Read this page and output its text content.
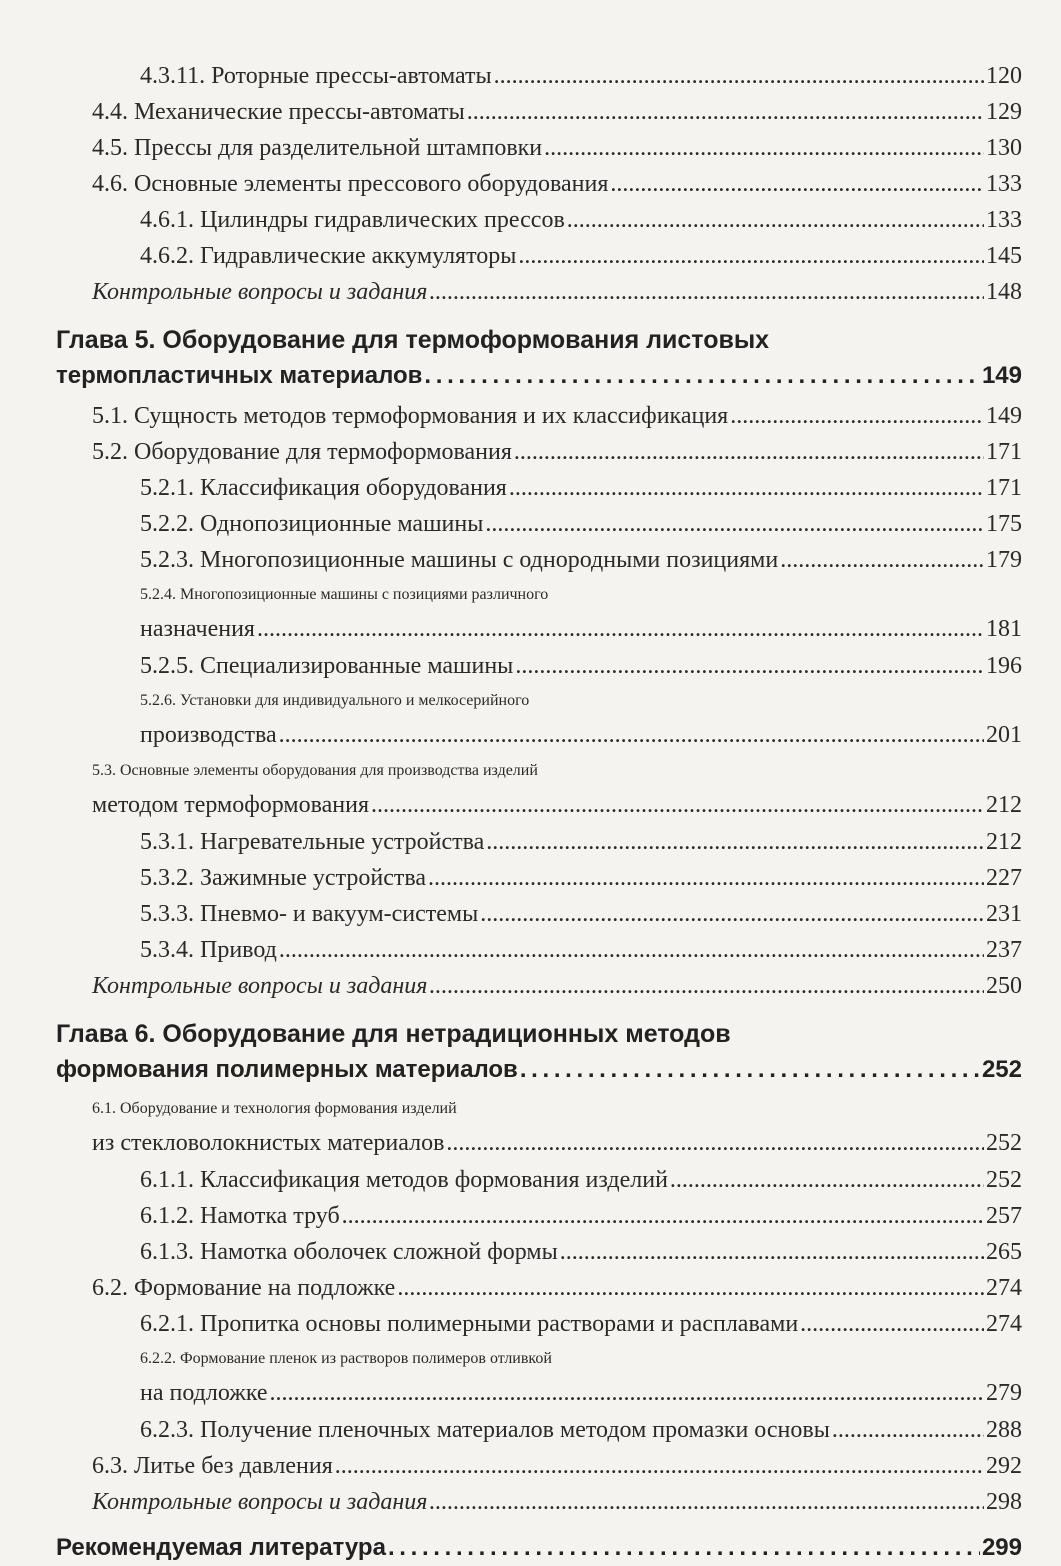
4.3.11. Роторные прессы-автоматы . . .	120
4.4. Механические прессы-автоматы . . .	129
4.5. Прессы для разделительной штамповки . . .	130
4.6. Основные элементы прессового оборудования . . .	133
4.6.1. Цилиндры гидравлических прессов . . .	133
4.6.2. Гидравлические аккумуляторы . . .	145
Контрольные вопросы и задания . . .	148
Глава 5. Оборудование для термоформования листовых
термопластичных материалов . . .	149
5.1. Сущность методов термоформования и их классификация . . .	149
5.2. Оборудование для термоформования . . .	171
5.2.1. Классификация оборудования . . .	171
5.2.2. Однопозиционные машины . . .	175
5.2.3. Многопозиционные машины с однородными позициями . . .	179
5.2.4. Многопозиционные машины с позициями различного
назначения . . .	181
5.2.5. Специализированные машины . . .	196
5.2.6. Установки для индивидуального и мелкосерийного
производства . . .	201
5.3. Основные элементы оборудования для производства изделий
методом термоформования . . .	212
5.3.1. Нагревательные устройства . . .	212
5.3.2. Зажимные устройства . . .	227
5.3.3. Пневмо- и вакуум-системы . . .	231
5.3.4. Привод . . .	237
Контрольные вопросы и задания . . .	250
Глава 6. Оборудование для нетрадиционных методов
формования полимерных материалов . . .	252
6.1. Оборудование и технология формования изделий
из стекловолокнистых материалов . . .	252
6.1.1. Классификация методов формования изделий . . .	252
6.1.2. Намотка труб . . .	257
6.1.3. Намотка оболочек сложной формы . . .	265
6.2. Формование на подложке . . .	274
6.2.1. Пропитка основы полимерными растворами и расплавами . . .	274
6.2.2. Формование пленок из растворов полимеров отливкой
на подложке . . .	279
6.2.3. Получение пленочных материалов методом промазки основы . . .	288
6.3. Литье без давления . . .	292
Контрольные вопросы и задания . . .	298
Рекомендуемая литература . . .	299
